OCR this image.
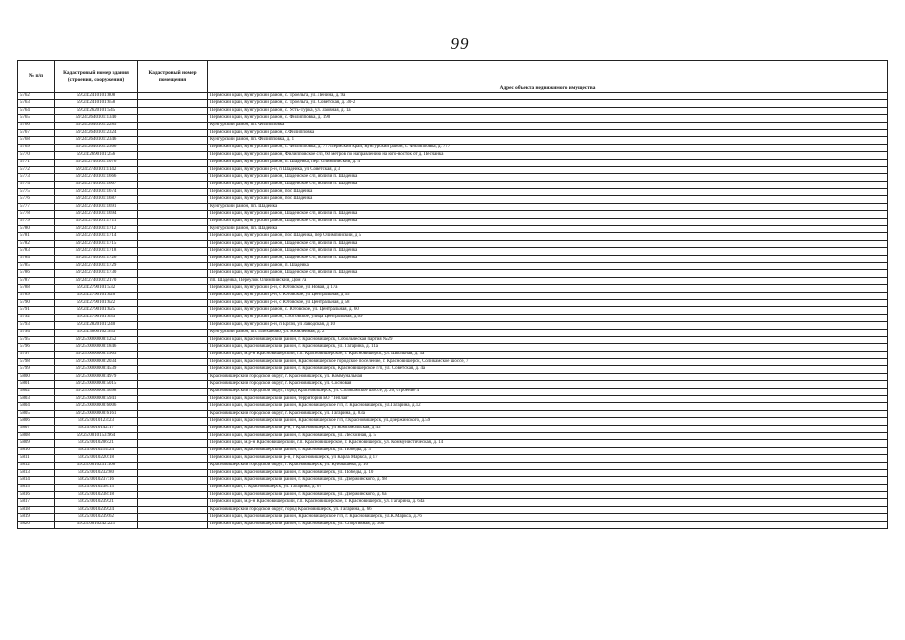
99
№ п/п	Кадастровый номер здания (строения, сооружения)	Кадастровый номер помещения	Адрес объекта недвижимого имущества
5762	59:24:2410101:808		Пермский край, Кунгурский район, с. Троельга, ул. Ленина, д. 9а
5763	59:24:2410101:658		Пермский край, Кунгурский район, с. Троельга, ул. Советская, д. 30-2
5764	59:24:2620101:545		Пермский край, Кунгурский район, с. Усть-Турка, ул. Заовная, д. 1а
5765	59:24:2640101:1340		Пермский край, Кунгурский район, с. Филипповка, д. 190
5766	59:24:2640101:2285		Кунгурский район, пп. Филипповка
5767	59:24:2640101:2324		Пермский край, Кунгурский район, с.Филипповка
5768	59:24:2640101:2346		Кунгурский район, пп. Филипповка, д. 1
5769	59:24:2640101:2366		Пермский край, Кунгурский район, с. Филипповка, д. 777Пермский край, Кунгурский район, с. Филипповка, д. 777
5770	59:24:2690101:256		Пермский край, Кунгурский район, Филипповское с/п, 60 метров по направлению на юго-восток от д. Песчанка
5771	59:24:2740101:1076		Пермский край, Кунгурский район, п. Шадейка, пер. Олимпийский, д. 4
5772	59:24:2740101:1142		Пермский край, Кунгурский р-н, п Шадейка, ул Советская, д 3
5773	59:24:2740101:1666		Пермский край, Кунгурский район, Шадейское с/п, вблизи п. Шадейка
5774	59:24:2740101:1667		Пермский край, Кунгурский район, Шадейское с/п, вблизи п. Шадейка
5775	59:24:2740101:1674		Пермский край, Кунгурский район, пос Шадейка
5776	59:24:2740101:1687		Пермский край, Кунгурский район, пос Шадейка
5777	59:24:2740101:1691		Кунгурский район, пп. Шадейка
5778	59:24:2740101:1694		Пермский край, Кунгурский район, Шадейское с/п, вблизи п. Шадейка
5779	59:24:2740101:1711		Пермский край, Кунгурский район, Шадейское с/п, вблизи п. Шадейка
5780	59:24:2740101:1712		Кунгурский район, пп. Шадейка
5781	59:24:2740101:1714		Пермский край, Кунгурский район, пос Шадейка, пер Олимпийский, д 5
5782	59:24:2740101:1715		Пермский край, Кунгурский район, Шадейское с/п, вблизи п. Шадейка
5783	59:24:2740101:1718		Пермский край, Кунгурский район, Шадейское с/п, вблизи п. Шадейка
5784	59:24:2740101:1726		Пермский край, Кунгурский район, Шадейское с/п, вблизи п. Шадейка
5785	59:24:2740101:1729		Пермский край, Кунгурский район, п. Шадейка
5786	59:24:2740101:1730		Пермский край, Кунгурский район, Шадейское с/п, вблизи п. Шадейка
5787	59:24:2740101:2170		пп. Шадейка, Переулок Олимпийский, Дом 7а
5788	59:24:2790101:532		Пермский край, Кунгурский р-н, с Юговское, ул Новая, д 17а
5789	59:24:2790101:620		Пермский край, Кунгурский р-н, с Юговское, ул Центральная, д 55
5790	59:24:2790101:622		Пермский край, Кунгурский р-н, с Юговское, ул Центральная, д 58
5791	59:24:2790101:625		Пермский край, Кунгурский район, с. Юговское, ул. Центральная, д. 60
5792	59:24:2790101:633		Пермский край, Кунгурский район, с.Юговское, улица Центральная, д.69
5793	59:24:2820101:240		Пермский край, Кунгурский р-н, п Ергач, ул Заводская, д 10
5794	59:24:3600102:953		Кунгурский район, пп. Плеханово, ул. Юбилейная, д. 2
5795	59:25:0000000:1252		Пермский край, Красновишерский район, г. Красновишерск, Собольческая партия №29
5796	59:25:0000000:1846		Пермский край, Красновишерский район, г. Красновишерск, ул. Гагарина, д. 11а
5797	59:25:0000000:1963		Пермский край, м.р-н Красновишерский, г.п. Красновишерское, г. Красновишерск, ул. Школьная, д. 5а
5798	59:25:0000000:2034		Пермский край, Красновишерский район, Красновишерское городское поселение, г. Красновишерск, Соликамское шоссе, 7
5799	59:25:0000000:4539		Пермский край, Красновишерский район, г. Красновишерск, Красновишерское г/п, ул. Советская, д. 4а
5800	59:25:0000000:4979		Красновишерский городской округ, г. Красновишерск, ул. Коммунальная
5801	59:25:0000000:5015		Красновишерский городской округ, г. Красновишерск, ул. Сосновая
5802	59:25:0000000:5698		Красновишерский городской округ, город Красновишерск, ул. Соликамское шоссе, д. 26, строение 4
5803	59:25:0000000:5941		Пермский край, Красновишерский район, территория БО "Теплая"
5804	59:25:0000000:6006		Пермский край, Красновишерский район, Красновишерское г/п, г. Красновишерск, ул.Гагарина, д.12
5805	59:25:0000000:6161		Красновишерский городской округ, г. Красновишерск, ул. Гагарина, д. 83а
5806	59:25:0010123:23		Пермский край, Красновишерский район, Красновишерское г/п, г.Красновишерск, ул.Дзержинского, д.59
5807	59:25:0010142:17		Пермский край, Красновишерский р-н, г Красновишерск, ул Комсомольская, д 43
5808	59:25:0010153:964		Пермский край, Красновишерский район, г. Красновишерск, ул. Лесхозная, д. 5
5809	59:25:0010206:21		Пермский край, м.р-н Красновишерский, г.п. Красновишерское, г. Красновишерск, ул. Коммунистическая, д. 14
5810	59:25:0010214:24		Пермский край, Красновишерский район, г. Красновишерск, ул. Победы, д. 3
5811	59:25:0010220:18		Пермский край, Красновишерский р-н, г Красновишерск, ул Карла Маркса, д 17
5812	59:25:0010231:106		Красновишерский городской округ, г. Красновишерск, ул. Куйбышева, д. 10
5813	59:25:0010232:80		Пермский край, Красновишерский район, г. Красновишерск, ул. Победы, д. 10
5814	59:25:0010237:16		Пермский край, Красновишерский район, г. Красновишерск, ул. Дзержинского, д. 98
5815	59:25:0010238:15		Пермский край, г. Красновишерск, ул. Гагарина, д. 67
5816	59:25:0010238:18		Пермский край, Красновишерский район, г. Красновишерск, ул. Дзержинского, д. 6а
5817	59:25:0010239:21		Пермский край, м.р-н Красновишерский, г.п. Красновишерское, г. Красновишерск, ул. Гагарина, д. 64а
5818	59:25:0010239:24		Красновишерский городской округ, город Красновишерск, ул. Гагарина, д. 66
5819	59:25:0010239:62		Пермский край, Красновишерский район, Красновишерское г/п, г. Красновишерск, ул.К.Маркса, д.76
5820	59:25:0010242:221		Пермский край, Красновишерский район, г. Красновишерск, ул. Спортивная, д. 30б
